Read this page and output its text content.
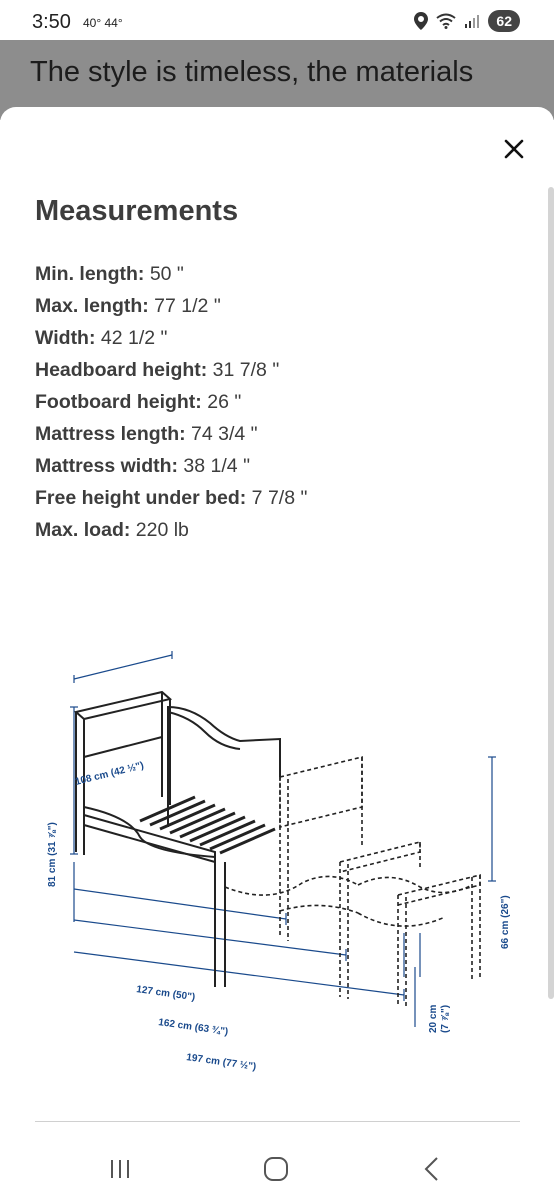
3:50 40° 44°	62
The style is timeless, the materials
Measurements
Min. length: 50 "
Max. length: 77 1/2 "
Width: 42 1/2 "
Headboard height: 31 7/8 "
Footboard height: 26 "
Mattress length: 74 3/4 "
Mattress width: 38 1/4 "
Free height under bed: 7 7/8 "
Max. load: 220 lb
108 cm (42 ½")
81 cm (31 ⅞")
66 cm (26")
20 cm (7 ⅞")
127 cm (50")
162 cm (63 ¾")
197 cm (77 ½")
